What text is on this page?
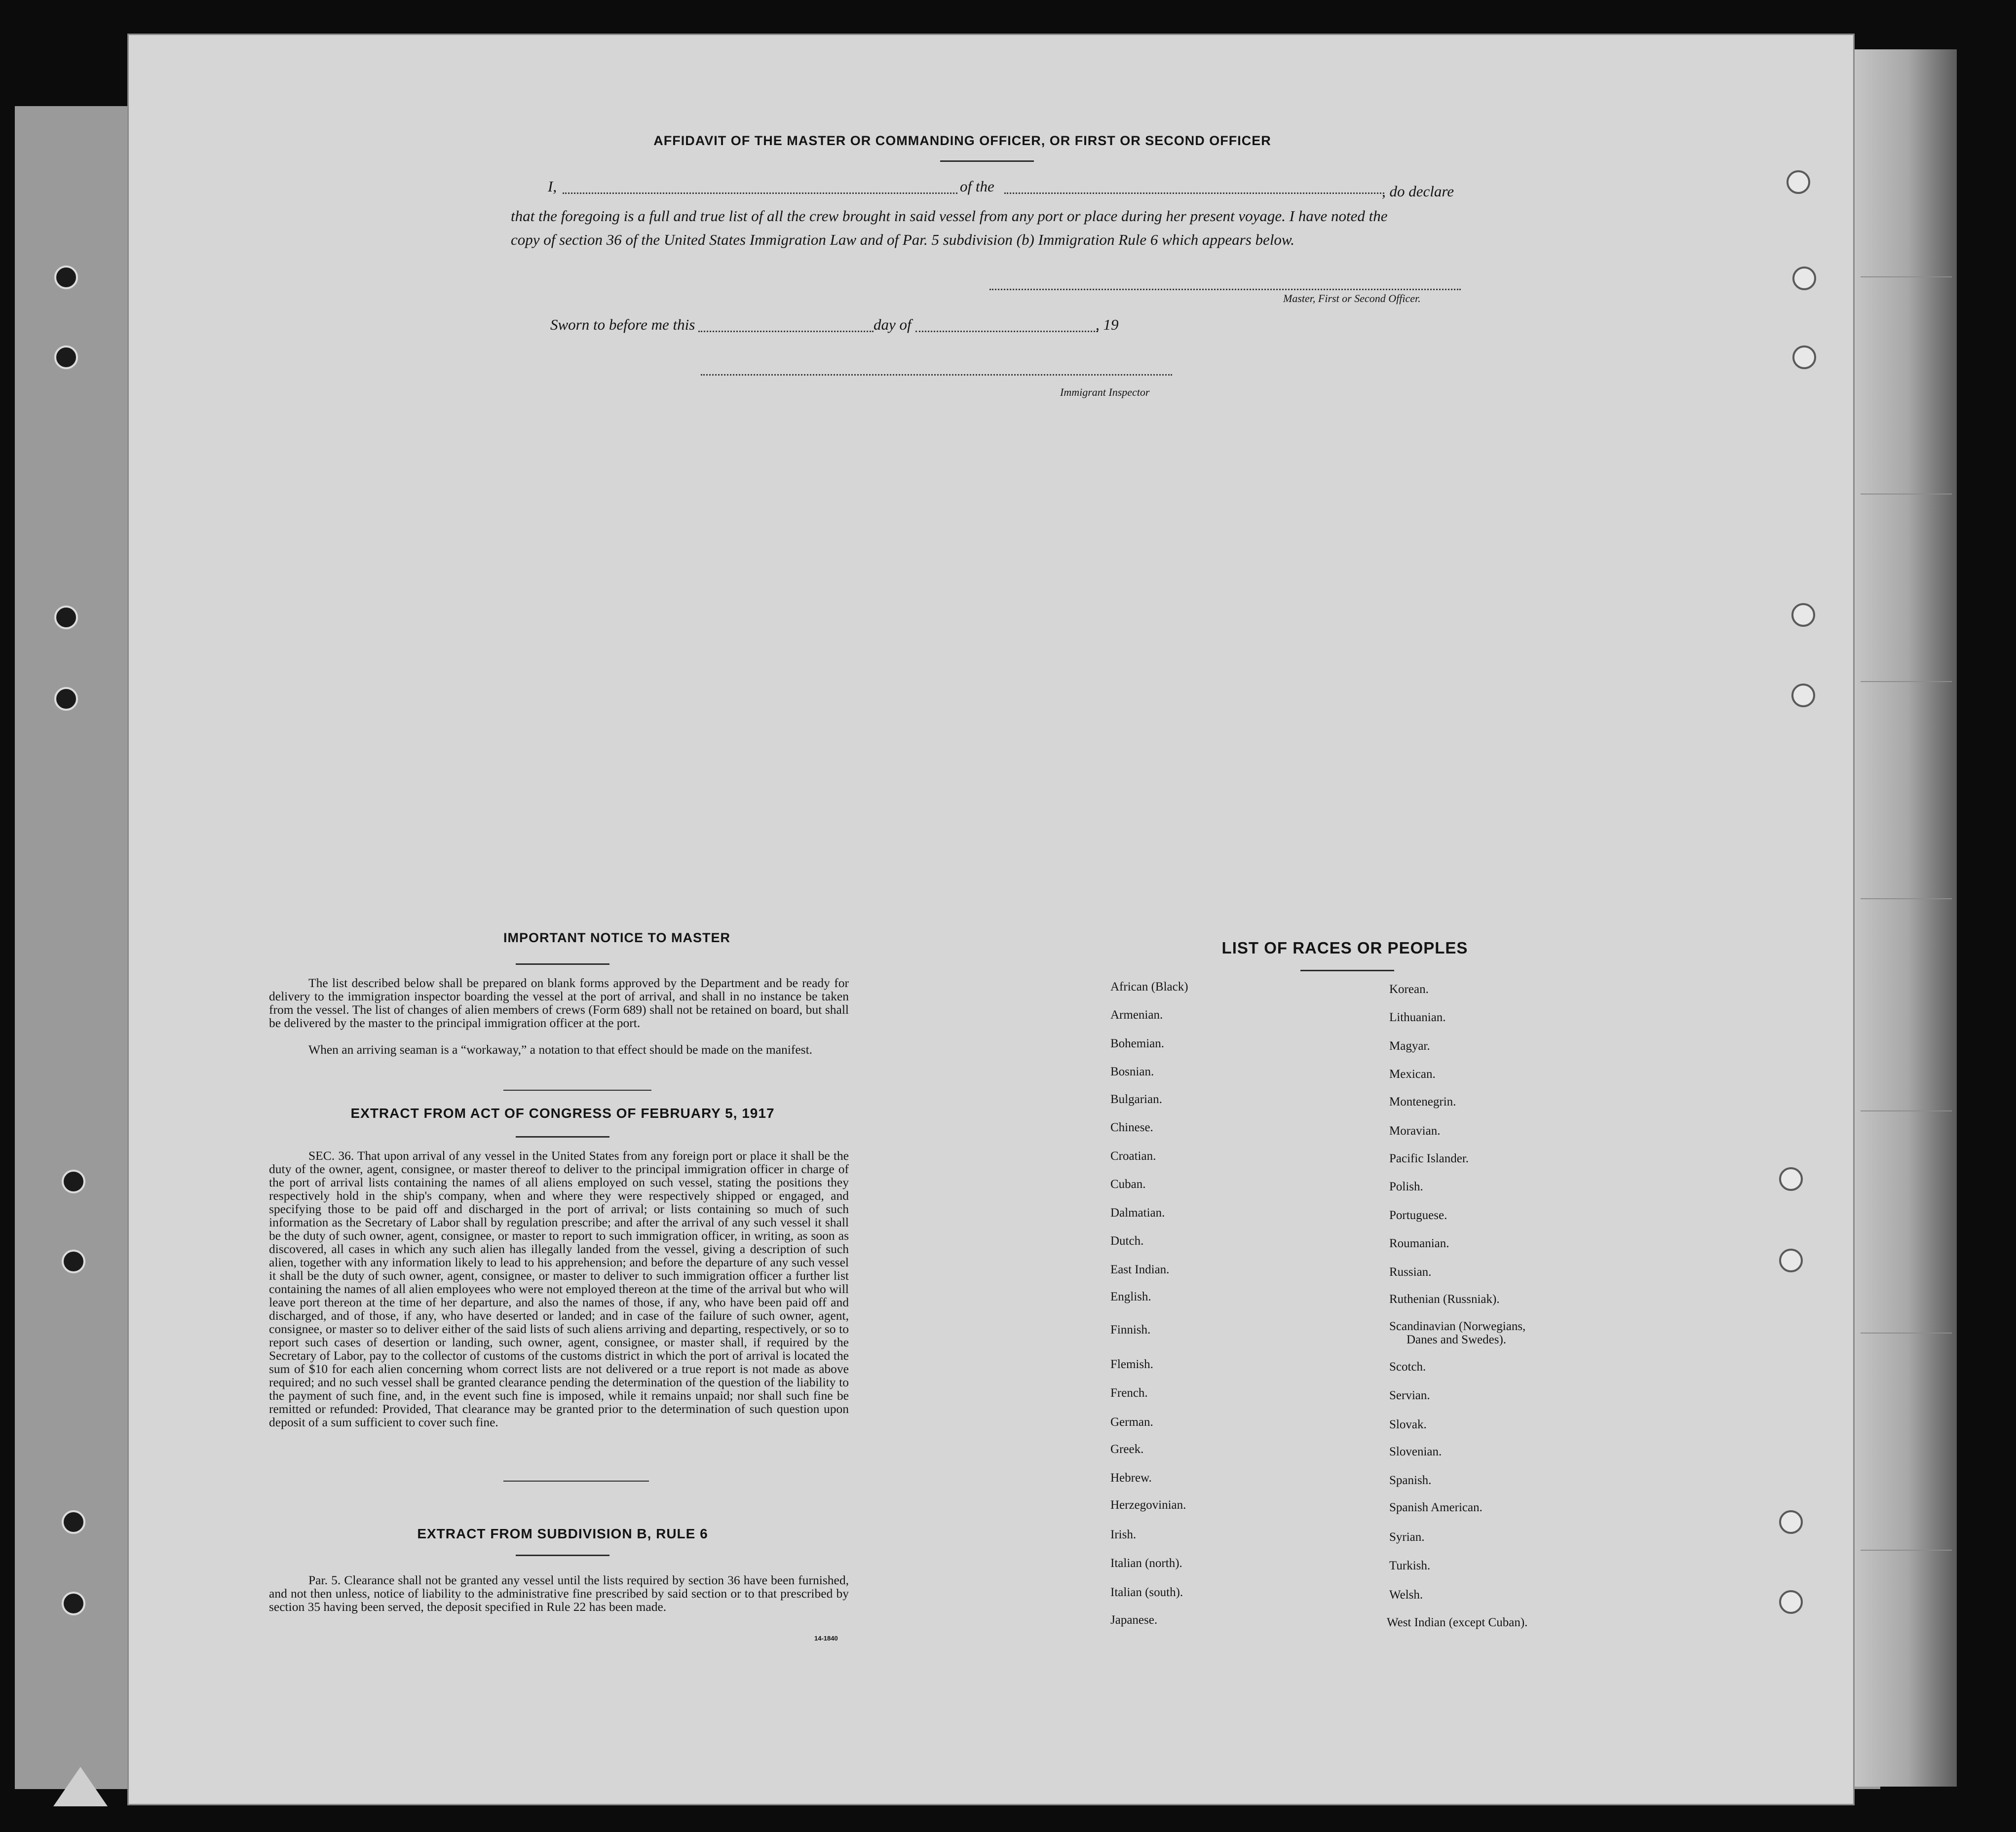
AFFIDAVIT OF THE MASTER OR COMMANDING OFFICER, OR FIRST OR SECOND OFFICER
I,	of the	, do declare
that the foregoing is a full and true list of all the crew brought in said vessel from any port or place during her present voyage. I have noted the
copy of section 36 of the United States Immigration Law and of Par. 5 subdivision (b) Immigration Rule 6 which appears below.
Master, First or Second Officer.
Sworn to before me this	day of	, 19
Immigrant Inspector
IMPORTANT NOTICE TO MASTER
The list described below shall be prepared on blank forms approved by the Department and be ready for delivery to the immigration inspector boarding the vessel at the port of arrival, and shall in no instance be taken from the vessel. The list of changes of alien members of crews (Form 689) shall not be retained on board, but shall be delivered by the master to the principal immigration officer at the port.
When an arriving seaman is a “workaway,” a notation to that effect should be made on the manifest.
EXTRACT FROM ACT OF CONGRESS OF FEBRUARY 5, 1917
SEC. 36. That upon arrival of any vessel in the United States from any foreign port or place it shall be the duty of the owner, agent, consignee, or master thereof to deliver to the principal immigration officer in charge of the port of arrival lists containing the names of all aliens employed on such vessel, stating the positions they respectively hold in the ship's company, when and where they were respectively shipped or engaged, and specifying those to be paid off and discharged in the port of arrival; or lists containing so much of such information as the Secretary of Labor shall by regulation prescribe; and after the arrival of any such vessel it shall be the duty of such owner, agent, consignee, or master to report to such immigration officer, in writing, as soon as discovered, all cases in which any such alien has illegally landed from the vessel, giving a description of such alien, together with any information likely to lead to his apprehension; and before the departure of any such vessel it shall be the duty of such owner, agent, consignee, or master to deliver to such immigration officer a further list containing the names of all alien employees who were not employed thereon at the time of the arrival but who will leave port thereon at the time of her departure, and also the names of those, if any, who have been paid off and discharged, and of those, if any, who have deserted or landed; and in case of the failure of such owner, agent, consignee, or master so to deliver either of the said lists of such aliens arriving and departing, respectively, or so to report such cases of desertion or landing, such owner, agent, consignee, or master shall, if required by the Secretary of Labor, pay to the collector of customs of the customs district in which the port of arrival is located the sum of $10 for each alien concerning whom correct lists are not delivered or a true report is not made as above required; and no such vessel shall be granted clearance pending the determination of the question of the liability to the payment of such fine, and, in the event such fine is imposed, while it remains unpaid; nor shall such fine be remitted or refunded: Provided, That clearance may be granted prior to the determination of such question upon deposit of a sum sufficient to cover such fine.
EXTRACT FROM SUBDIVISION B, RULE 6
Par. 5. Clearance shall not be granted any vessel until the lists required by section 36 have been furnished, and not then unless, notice of liability to the administrative fine prescribed by said section or to that prescribed by section 35 having been served, the deposit specified in Rule 22 has been made.
14-1840
LIST OF RACES OR PEOPLES
African (Black)
Armenian.
Bohemian.
Bosnian.
Bulgarian.
Chinese.
Croatian.
Cuban.
Dalmatian.
Dutch.
East Indian.
English.
Finnish.
Flemish.
French.
German.
Greek.
Hebrew.
Herzegovinian.
Irish.
Italian (north).
Italian (south).
Japanese.
Korean.
Lithuanian.
Magyar.
Mexican.
Montenegrin.
Moravian.
Pacific Islander.
Polish.
Portuguese.
Roumanian.
Russian.
Ruthenian (Russniak).
Scandinavian (Norwegians,
Danes and Swedes).
Scotch.
Servian.
Slovak.
Slovenian.
Spanish.
Spanish American.
Syrian.
Turkish.
Welsh.
West Indian (except Cuban).
